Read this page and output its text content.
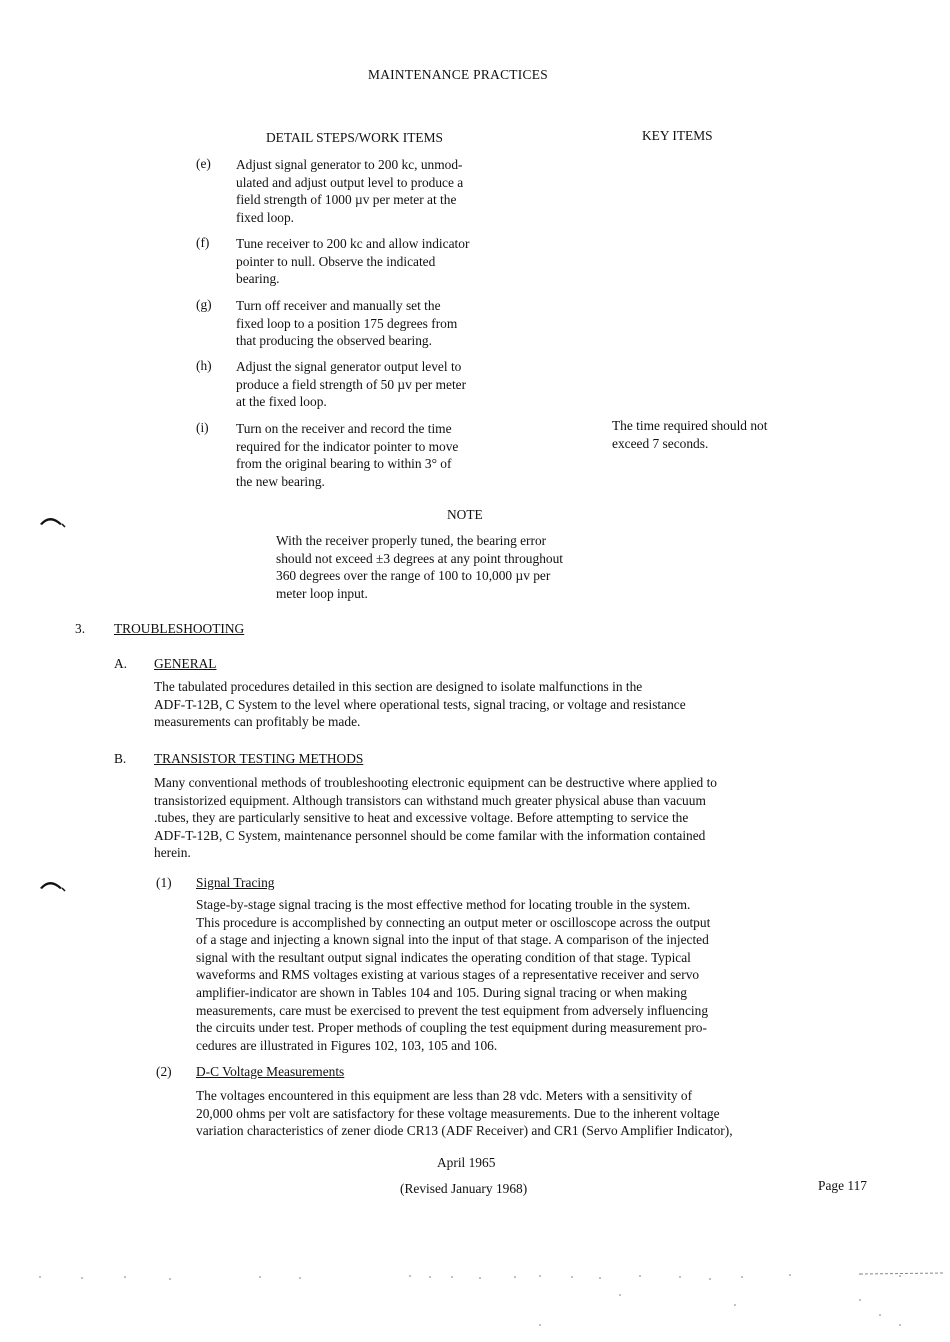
MAINTENANCE PRACTICES
DETAIL STEPS/WORK ITEMS	KEY ITEMS
(e) Adjust signal generator to 200 kc, unmod-

ulated and adjust output level to produce a

field strength of 1000 µv per meter at the

fixed loop.

(f) Tune receiver to 200 kc and allow indicator

pointer to null. Observe the indicated

bearing.

(g) Turn off receiver and manually set the

fixed loop to a position 175 degrees from

that producing the observed bearing.

(h) Adjust the signal generator output level to

produce a field strength of 50 µv per meter

at the fixed loop.

(i) Turn on the receiver and record the time

required for the indicator pointer to move

from the original bearing to within 3° of

the new bearing.

The time required should not

exceed 7 seconds.

NOTE

With the receiver properly tuned, the bearing error

should not exceed ±3 degrees at any point throughout

360 degrees over the range of 100 to 10,000 µv per

meter loop input.

3. TROUBLESHOOTING
A. GENERAL

The tabulated procedures detailed in this section are designed to isolate malfunctions in the

ADF-T-12B, C System to the level where operational tests, signal tracing, or voltage and resistance

measurements can profitably be made.

B. TRANSISTOR TESTING METHODS

Many conventional methods of troubleshooting electronic equipment can be destructive where applied to

transistorized equipment. Although transistors can withstand much greater physical abuse than vacuum

.tubes, they are particularly sensitive to heat and excessive voltage. Before attempting to service the

ADF-T-12B, C System, maintenance personnel should be come familar with the information contained

herein.

(1) Signal Tracing

Stage-by-stage signal tracing is the most effective method for locating trouble in the system.

This procedure is accomplished by connecting an output meter or oscilloscope across the output

of a stage and injecting a known signal into the input of that stage. A comparison of the injected

signal with the resultant output signal indicates the operating condition of that stage. Typical

waveforms and RMS voltages existing at various stages of a representative receiver and servo

amplifier-indicator are shown in Tables 104 and 105. During signal tracing or when making

measurements, care must be exercised to prevent the test equipment from adversely influencing

the circuits under test. Proper methods of coupling the test equipment during measurement pro-

cedures are illustrated in Figures 102, 103, 105 and 106.

(2) D-C Voltage Measurements

The voltages encountered in this equipment are less than 28 vdc. Meters with a sensitivity of

20,000 ohms per volt are satisfactory for these voltage measurements. Due to the inherent voltage

variation characteristics of zener diode CR13 (ADF Receiver) and CR1 (Servo Amplifier Indicator),

April 1965
(Revised January 1968)	Page 117
